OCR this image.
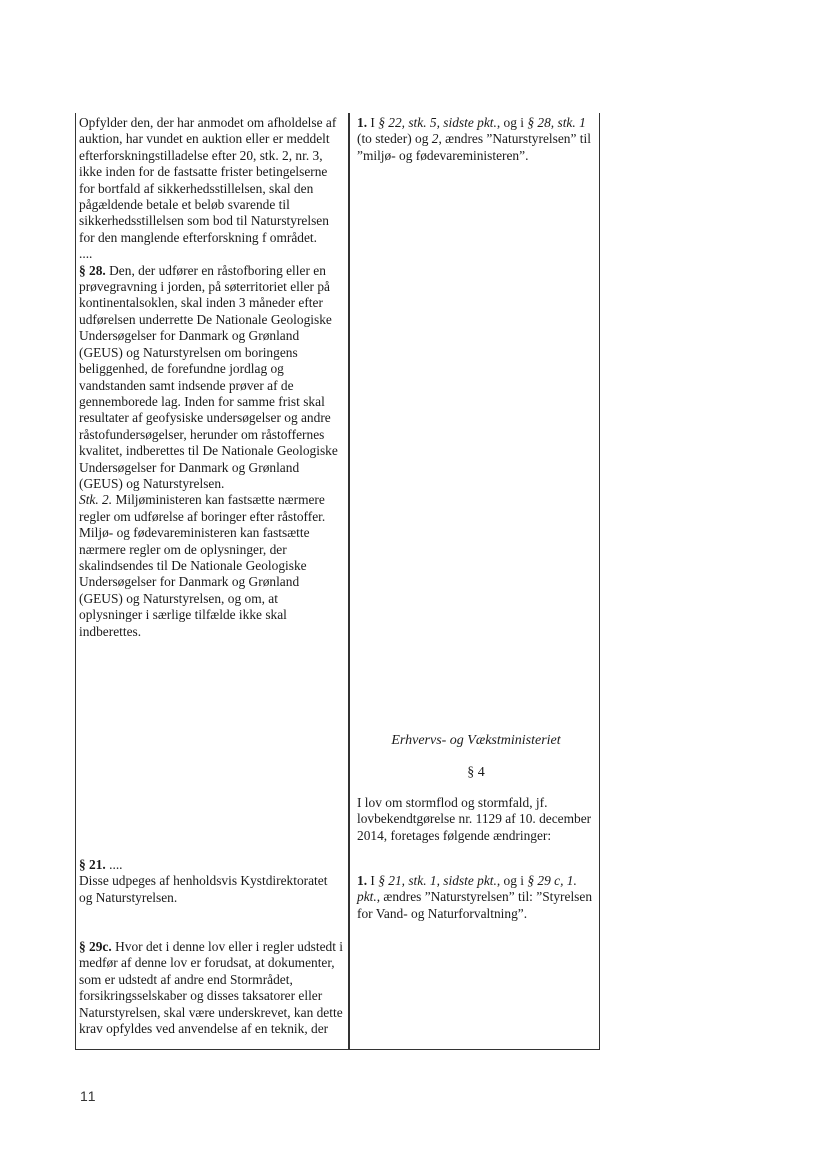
Opfylder den, der har anmodet om afholdelse af auktion, har vundet en auktion eller er meddelt efterforskningstilladelse efter 20, stk. 2, nr. 3, ikke inden for de fastsatte frister betingelserne for bortfald af sikkerhedsstillelsen, skal den pågældende betale et beløb svarende til sikkerhedsstillelsen som bod til Naturstyrelsen for den manglende efterforskning f området.

....

§ 28. Den, der udfører en råstofboring eller en prøvegravning i jorden, på søterritoriet eller på kontinentalsoklen, skal inden 3 måneder efter udførelsen underrette De Nationale Geologiske Undersøgelser for Danmark og Grønland (GEUS) og Naturstyrelsen om boringens beliggenhed, de forefundne jordlag og vandstanden samt indsende prøver af de gennemborede lag. Inden for samme frist skal resultater af geofysiske undersøgelser og andre råstofundersøgelser, herunder om råstoffernes kvalitet, indberettes til De Nationale Geologiske Undersøgelser for Danmark og Grønland (GEUS) og Naturstyrelsen.

Stk. 2. Miljøministeren kan fastsætte nærmere regler om udførelse af boringer efter råstoffer. Miljø- og fødevareministeren kan fastsætte nærmere regler om de oplysninger, der skalindsendes til De Nationale Geologiske Undersøgelser for Danmark og Grønland (GEUS) og Naturstyrelsen, og om, at oplysninger i særlige tilfælde ikke skal indberettes.

§ 21. ....

Disse udpeges af henholdsvis Kystdirektoratet og Naturstyrelsen.

§ 29c. Hvor det i denne lov eller i regler udstedt i medfør af denne lov er forudsat, at dokumenter, som er udstedt af andre end Stormrådet, forsikringsselskaber og disses taksatorer eller Naturstyrelsen, skal være underskrevet, kan dette krav opfyldes ved anvendelse af en teknik, der

1. I § 22, stk. 5, sidste pkt., og i § 28, stk. 1 (to steder) og 2, ændres ”Naturstyrelsen” til ”miljø- og fødevareministeren”.

Erhvervs- og Vækstministeriet
§ 4

I lov om stormflod og stormfald, jf. lovbekendtgørelse nr. 1129 af 10. december 2014, foretages følgende ændringer:

1. I § 21, stk. 1, sidste pkt., og i § 29 c, 1. pkt., ændres ”Naturstyrelsen” til: ”Styrelsen for Vand- og Naturforvaltning”.

11
